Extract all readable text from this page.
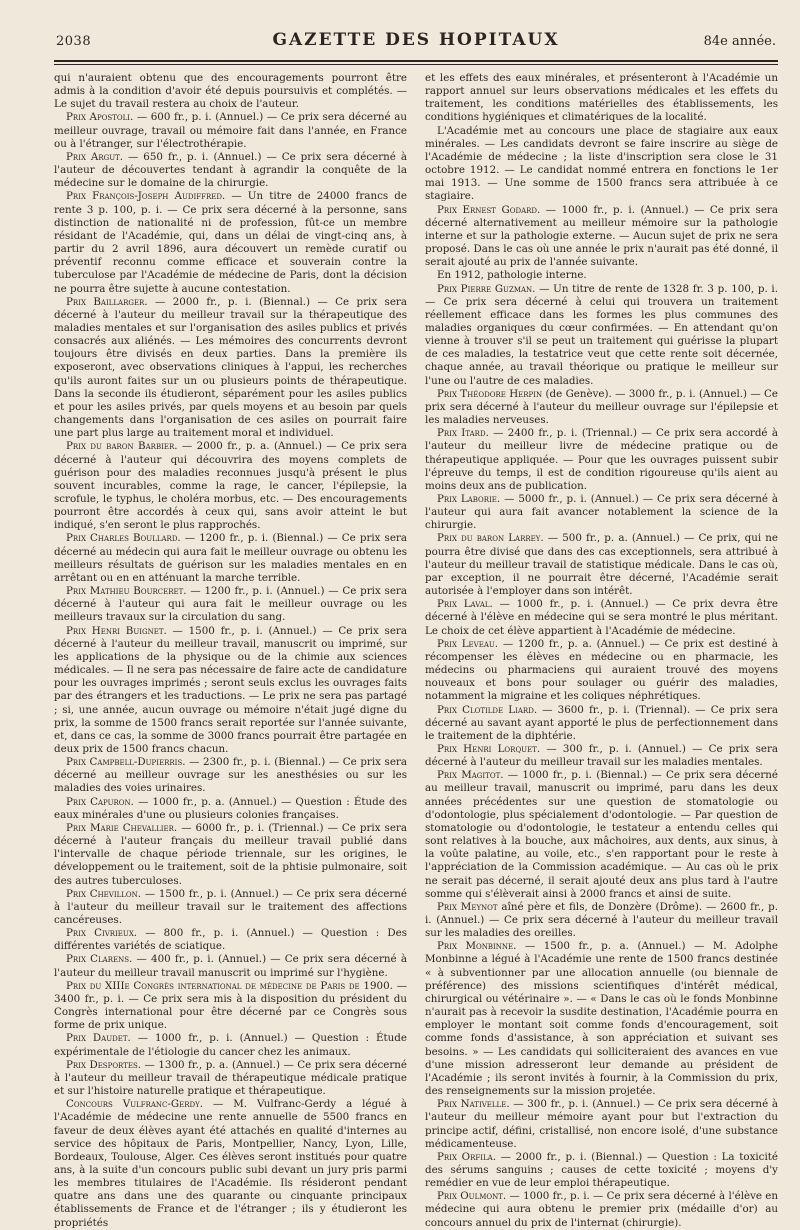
2038	GAZETTE DES HOPITAUX	84e année.

qui n'auraient obtenu que des encouragements pourront être admis à la condition d'avoir été depuis poursuivis et complétés. — Le sujet du travail restera au choix de l'auteur.

Prix Apostoli. — 600 fr., p. i. (Annuel.) — Ce prix sera décerné au meilleur ouvrage, travail ou mémoire fait dans l'année, en France ou à l'étranger, sur l'électrothérapie.

Prix Argut. — 650 fr., p. i. (Annuel.) — Ce prix sera décerné à l'auteur de découvertes tendant à agrandir la conquête de la médecine sur le domaine de la chirurgie.

Prix François-Joseph Audiffred. — Un titre de 24000 francs de rente 3 p. 100, p. i. — Ce prix sera décerné à la personne, sans distinction de nationalité ni de profession, fût-ce un membre résidant de l'Académie, qui, dans un délai de vingt-cinq ans, à partir du 2 avril 1896, aura découvert un remède curatif ou préventif reconnu comme efficace et souverain contre la tuberculose par l'Académie de médecine de Paris, dont la décision ne pourra être sujette à aucune contestation.

Prix Baillarger. — 2000 fr., p. i. (Biennal.) — Ce prix sera décerné à l'auteur du meilleur travail sur la thérapeutique des maladies mentales et sur l'organisation des asiles publics et privés consacrés aux aliénés. — Les mémoires des concurrents devront toujours être divisés en deux parties. Dans la première ils exposeront, avec observations cliniques à l'appui, les recherches qu'ils auront faites sur un ou plusieurs points de thérapeutique. Dans la seconde ils étudieront, séparément pour les asiles publics et pour les asiles privés, par quels moyens et au besoin par quels changements dans l'organisation de ces asiles on pourrait faire une part plus large au traitement moral et individuel.

Prix du baron Barbier. — 2000 fr., p. a. (Annuel.) — Ce prix sera décerné à l'auteur qui découvrira des moyens complets de guérison pour des maladies reconnues jusqu'à présent le plus souvent incurables, comme la rage, le cancer, l'épilepsie, la scrofule, le typhus, le choléra morbus, etc. — Des encouragements pourront être accordés à ceux qui, sans avoir atteint le but indiqué, s'en seront le plus rapprochés.

Prix Charles Boullard. — 1200 fr., p. i. (Biennal.) — Ce prix sera décerné au médecin qui aura fait le meilleur ouvrage ou obtenu les meilleurs résultats de guérison sur les maladies mentales en en arrêtant ou en en atténuant la marche terrible.

Prix Mathieu Bourceret. — 1200 fr., p. i. (Annuel.) — Ce prix sera décerné à l'auteur qui aura fait le meilleur ouvrage ou les meilleurs travaux sur la circulation du sang.

Prix Henri Buignet. — 1500 fr., p. i. (Annuel.) — Ce prix sera décerné à l'auteur du meilleur travail, manuscrit ou imprimé, sur les applications de la physique ou de la chimie aux sciences médicales. — Il ne sera pas nécessaire de faire acte de candidature pour les ouvrages imprimés ; seront seuls exclus les ouvrages faits par des étrangers et les traductions. — Le prix ne sera pas partagé ; si, une année, aucun ouvrage ou mémoire n'était jugé digne du prix, la somme de 1500 francs serait reportée sur l'année suivante, et, dans ce cas, la somme de 3000 francs pourrait être partagée en deux prix de 1500 francs chacun.

Prix Campbell-Dupierris. — 2300 fr., p. i. (Biennal.) — Ce prix sera décerné au meilleur ouvrage sur les anesthésies ou sur les maladies des voies urinaires.

Prix Capuron. — 1000 fr., p. a. (Annuel.) — Question : Étude des eaux minérales d'une ou plusieurs colonies françaises.

Prix Marie Chevallier. — 6000 fr., p. i. (Triennal.) — Ce prix sera décerné à l'auteur français du meilleur travail publié dans l'intervalle de chaque période triennale, sur les origines, le développement ou le traitement, soit de la phtisie pulmonaire, soit des autres tuberculoses.

Prix Chevillon. — 1500 fr., p. i. (Annuel.) — Ce prix sera décerné à l'auteur du meilleur travail sur le traitement des affections cancéreuses.

Prix Civrieux. — 800 fr., p. i. (Annuel.) — Question : Des différentes variétés de sciatique.

Prix Clarens. — 400 fr., p. i. (Annuel.) — Ce prix sera décerné à l'auteur du meilleur travail manuscrit ou imprimé sur l'hygiène.

Prix du XIIIe Congrès international de médecine de Paris de 1900. — 3400 fr., p. i. — Ce prix sera mis à la disposition du président du Congrès international pour être décerné par ce Congrès sous forme de prix unique.

Prix Daudet. — 1000 fr., p. i. (Annuel.) — Question : Étude expérimentale de l'étiologie du cancer chez les animaux.

Prix Desportes. — 1300 fr., p. a. (Annuel.) — Ce prix sera décerné à l'auteur du meilleur travail de thérapeutique médicale pratique et sur l'histoire naturelle pratique et thérapeutique.

Concours Vulfranc-Gerdy. — M. Vulfranc-Gerdy a légué à l'Académie de médecine une rente annuelle de 5500 francs en faveur de deux élèves ayant été attachés en qualité d'internes au service des hôpitaux de Paris, Montpellier, Nancy, Lyon, Lille, Bordeaux, Toulouse, Alger. Ces élèves seront institués pour quatre ans, à la suite d'un concours public subi devant un jury pris parmi les membres titulaires de l'Académie. Ils résideront pendant quatre ans dans une des quarante ou cinquante principaux établissements de France et de l'étranger ; ils y étudieront les propriétés

et les effets des eaux minérales, et présenteront à l'Académie un rapport annuel sur leurs observations médicales et les effets du traitement, les conditions matérielles des établissements, les conditions hygiéniques et climatériques de la localité.

L'Académie met au concours une place de stagiaire aux eaux minérales. — Les candidats devront se faire inscrire au siège de l'Académie de médecine ; la liste d'inscription sera close le 31 octobre 1912. — Le candidat nommé entrera en fonctions le 1er mai 1913. — Une somme de 1500 francs sera attribuée à ce stagiaire.

Prix Ernest Godard. — 1000 fr., p. i. (Annuel.) — Ce prix sera décerné alternativement au meilleur mémoire sur la pathologie interne et sur la pathologie externe. — Aucun sujet de prix ne sera proposé. Dans le cas où une année le prix n'aurait pas été donné, il serait ajouté au prix de l'année suivante.

En 1912, pathologie interne.

Prix Pierre Guzman. — Un titre de rente de 1328 fr. 3 p. 100, p. i. — Ce prix sera décerné à celui qui trouvera un traitement réellement efficace dans les formes les plus communes des maladies organiques du cœur confirmées. — En attendant qu'on vienne à trouver s'il se peut un traitement qui guérisse la plupart de ces maladies, la testatrice veut que cette rente soit décernée, chaque année, au travail théorique ou pratique le meilleur sur l'une ou l'autre de ces maladies.

Prix Théodore Herpin (de Genève). — 3000 fr., p. i. (Annuel.) — Ce prix sera décerné à l'auteur du meilleur ouvrage sur l'épilepsie et les maladies nerveuses.

Prix Itard. — 2400 fr., p. i. (Triennal.) — Ce prix sera accordé à l'auteur du meilleur livre de médecine pratique ou de thérapeutique appliquée. — Pour que les ouvrages puissent subir l'épreuve du temps, il est de condition rigoureuse qu'ils aient au moins deux ans de publication.

Prix Laborie. — 5000 fr., p. i. (Annuel.) — Ce prix sera décerné à l'auteur qui aura fait avancer notablement la science de la chirurgie.

Prix du baron Larrey. — 500 fr., p. a. (Annuel.) — Ce prix, qui ne pourra être divisé que dans des cas exceptionnels, sera attribué à l'auteur du meilleur travail de statistique médicale. Dans le cas où, par exception, il ne pourrait être décerné, l'Académie serait autorisée à l'employer dans son intérêt.

Prix Laval. — 1000 fr., p. i. (Annuel.) — Ce prix devra être décerné à l'élève en médecine qui se sera montré le plus méritant. Le choix de cet élève appartient à l'Académie de médecine.

Prix Leveau. — 1200 fr., p. a. (Annuel.) — Ce prix est destiné à récompenser les élèves en médecine ou en pharmacie, les médecins ou pharmaciens qui auraient trouvé des moyens nouveaux et bons pour soulager ou guérir des maladies, notamment la migraine et les coliques néphrétiques.

Prix Clotilde Liard. — 3600 fr., p. i. (Triennal). — Ce prix sera décerné au savant ayant apporté le plus de perfectionnement dans le traitement de la diphtérie.

Prix Henri Lorquet. — 300 fr., p. i. (Annuel.) — Ce prix sera décerné à l'auteur du meilleur travail sur les maladies mentales.

Prix Magitot. — 1000 fr., p. i. (Biennal.) — Ce prix sera décerné au meilleur travail, manuscrit ou imprimé, paru dans les deux années précédentes sur une question de stomatologie ou d'odontologie, plus spécialement d'odontologie. — Par question de stomatologie ou d'odontologie, le testateur a entendu celles qui sont relatives à la bouche, aux mâchoires, aux dents, aux sinus, à la voûte palatine, au voile, etc., s'en rapportant pour le reste à l'appréciation de la Commission académique. — Au cas où le prix ne serait pas décerné, il serait ajouté deux ans plus tard à l'autre somme qui s'élèverait ainsi à 2000 francs et ainsi de suite.

Prix Meynot aîné père et fils, de Donzère (Drôme). — 2600 fr., p. i. (Annuel.) — Ce prix sera décerné à l'auteur du meilleur travail sur les maladies des oreilles.

Prix Monbinne. — 1500 fr., p. a. (Annuel.) — M. Adolphe Monbinne a légué à l'Académie une rente de 1500 francs destinée « à subventionner par une allocation annuelle (ou biennale de préférence) des missions scientifiques d'intérêt médical, chirurgical ou vétérinaire ». — « Dans le cas où le fonds Monbinne n'aurait pas à recevoir la susdite destination, l'Académie pourra en employer le montant soit comme fonds d'encouragement, soit comme fonds d'assistance, à son appréciation et suivant ses besoins. » — Les candidats qui solliciteraient des avances en vue d'une mission adresseront leur demande au président de l'Académie ; ils seront invités à fournir, à la Commission du prix, des renseignements sur la mission projetée.

Prix Nativelle. — 300 fr., p. i. (Annuel.) — Ce prix sera décerné à l'auteur du meilleur mémoire ayant pour but l'extraction du principe actif, défini, cristallisé, non encore isolé, d'une substance médicamenteuse.

Prix Orfila. — 2000 fr., p. i. (Biennal.) — Question : La toxicité des sérums sanguins ; causes de cette toxicité ; moyens d'y remédier en vue de leur emploi thérapeutique.

Prix Oulmont. — 1000 fr., p. i. — Ce prix sera décerné à l'élève en médecine qui aura obtenu le premier prix (médaille d'or) au concours annuel du prix de l'internat (chirurgie).
